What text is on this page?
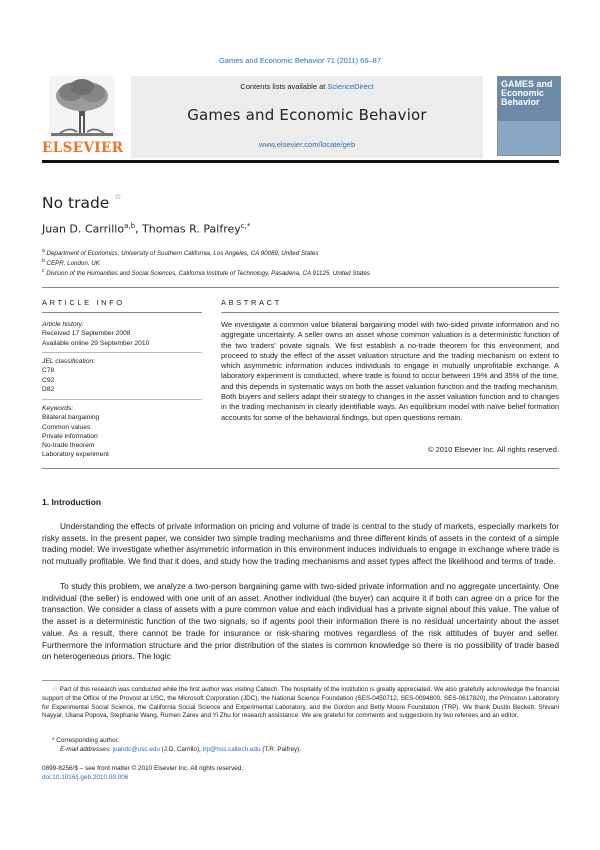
Games and Economic Behavior 71 (2011) 66–87
ELSEVIER
Contents lists available at ScienceDirect
Games and Economic Behavior
www.elsevier.com/locate/geb
GAMES and Economic Behavior
No trade ☆
Juan D. Carrillo$^{a,b}$, Thomas R. Palfrey$^{c,*}$
$^a$ Department of Economics, University of Southern California, Los Angeles, CA 90089, United States
$^b$ CEPR, London, UK
$^c$ Division of the Humanities and Social Sciences, California Institute of Technology, Pasadena, CA 91125, United States
ARTICLE INFO
Article history:
Received 17 September 2008
Available online 29 September 2010
JEL classification:
C78
C92
D82
Keywords:
Bilateral bargaining
Common values
Private information
No-trade theorem
Laboratory experiment
ABSTRACT
We investigate a common value bilateral bargaining model with two-sided private information and no aggregate uncertainty. A seller owns an asset whose common valuation is a deterministic function of the two traders' private signals. We first establish a no-trade theorem for this environment, and proceed to study the effect of the asset valuation structure and the trading mechanism on extent to which asymmetric information induces individuals to engage in mutually unprofitable exchange. A laboratory experiment is conducted, where trade is found to occur between 19% and 35% of the time, and this depends in systematic ways on both the asset valuation function and the trading mechanism. Both buyers and sellers adapt their strategy to changes in the asset valuation function and to changes in the trading mechanism in clearly identifiable ways. An equilibrium model with naïve belief formation accounts for some of the behavioral findings, but open questions remain.
© 2010 Elsevier Inc. All rights reserved.
1. Introduction
Understanding the effects of private information on pricing and volume of trade is central to the study of markets, especially markets for risky assets. In the present paper, we consider two simple trading mechanisms and three different kinds of assets in the context of a simple trading model. We investigate whether asymmetric information in this environment induces individuals to engage in exchange where trade is not mutually profitable. We find that it does, and study how the trading mechanisms and asset types affect the likelihood and terms of trade.
To study this problem, we analyze a two-person bargaining game with two-sided private information and no aggregate uncertainty. One individual (the seller) is endowed with one unit of an asset. Another individual (the buyer) can acquire it if both can agree on a price for the transaction. We consider a class of assets with a pure common value and each individual has a private signal about this value. The value of the asset is a deterministic function of the two signals, so if agents pool their information there is no residual uncertainty about the asset value. As a result, there cannot be trade for insurance or risk-sharing motives regardless of the risk attitudes of buyer and seller. Furthermore the information structure and the prior distribution of the states is common knowledge so there is no possibility of trade based on heterogeneous priors. The logic
☆ Part of this research was conducted while the first author was visiting Caltech. The hospitality of the institution is greatly appreciated. We also gratefully acknowledge the financial support of the Office of the Provost at USC, the Microsoft Corporation (JDC), the National Science Foundation (SES-0450712, SES-0094800, SES-0617820), the Princeton Laboratory for Experimental Social Science, the California Social Science and Experimental Laboratory, and the Gordon and Betty Moore Foundation (TRP). We thank Dustin Beckett, Shivani Nayyar, Uliana Popova, Stephanie Wang, Rumen Zarev and Yi Zhu for research assistance. We are grateful for comments and suggestions by two referees and an editor.
* Corresponding author.
E-mail addresses: juandc@usc.edu (J.D. Carrillo), trp@hss.caltech.edu (T.R. Palfrey).
0899-8256/$ – see front matter © 2010 Elsevier Inc. All rights reserved.
doi:10.1016/j.geb.2010.09.006
